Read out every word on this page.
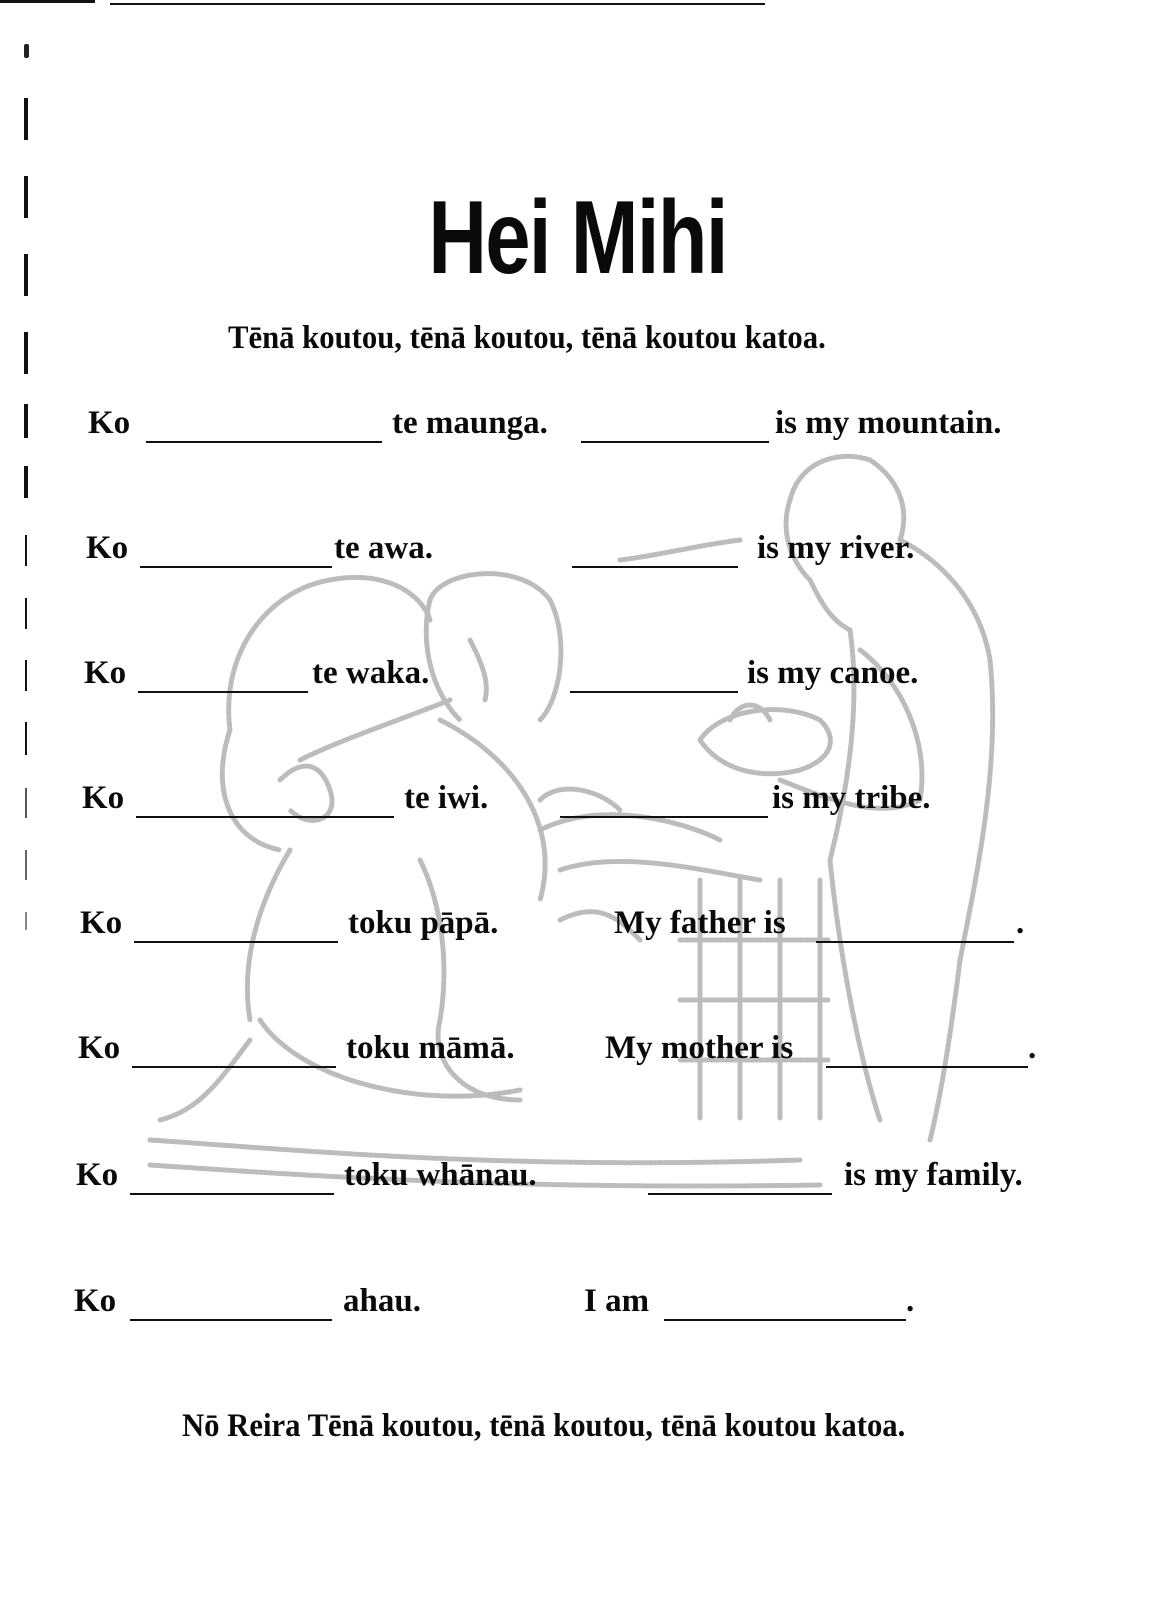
Hei Mihi
Tēnā koutou, tēnā koutou, tēnā koutou katoa.
Ko	te maunga.	is my mountain.
Ko	te awa.	is my river.
Ko	te waka.	is my canoe.
Ko	te iwi.	is my tribe.
Ko	toku pāpā.	My father is	.
Ko	toku māmā.	My mother is	.
Ko	toku whānau.	is my family.
Ko	ahau.	I am	.
Nō Reira Tēnā koutou, tēnā koutou, tēnā koutou katoa.
